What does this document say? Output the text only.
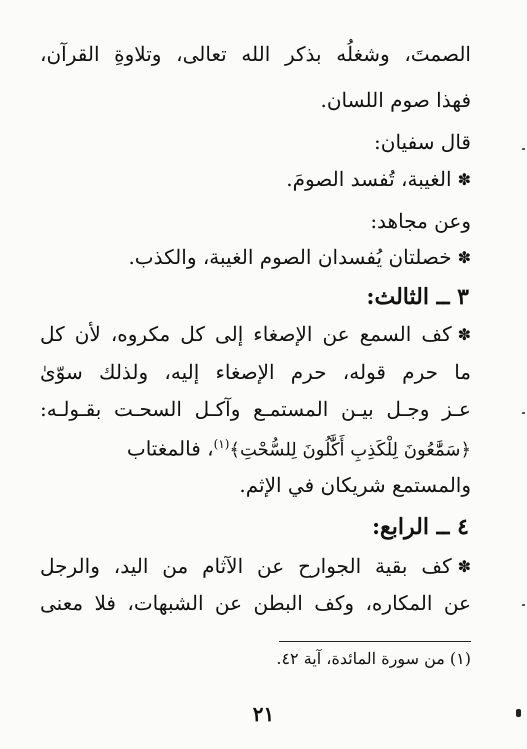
الصمتَ، وشغلُه بذكر الله تعالى، وتلاوةِ القرآن،
فهذا صوم اللسان.
قال سفيان:
✽الغيبة، تُفسد الصومَ.
وعن مجاهد:
✽خصلتان يُفسدان الصوم الغيبة، والكذب.
٣ ــ الثالث:
✽كف السمع عن الإصغاء إلى كل مكروه، لأن كل
ما حرم قوله، حرم الإصغاء إليه، ولذلك سوّىٰ
عـز وجـل بيـن المستمـع وآكـل السحـت بقـولـه:
﴿سَمَّٰعُونَ لِلْكَذِبِ أَكَّٰلُونَ لِلسُّحْتِ﴾$^{(١)}$، فالمغتاب
والمستمع شريكان في الإثم.
٤ ــ الرابع:
✽كف بقية الجوارح عن الآثام من اليد، والرجل
عن المكاره، وكف البطن عن الشبهات، فلا معنى
(١) من سورة المائدة، آية ٤٢.
٢١
